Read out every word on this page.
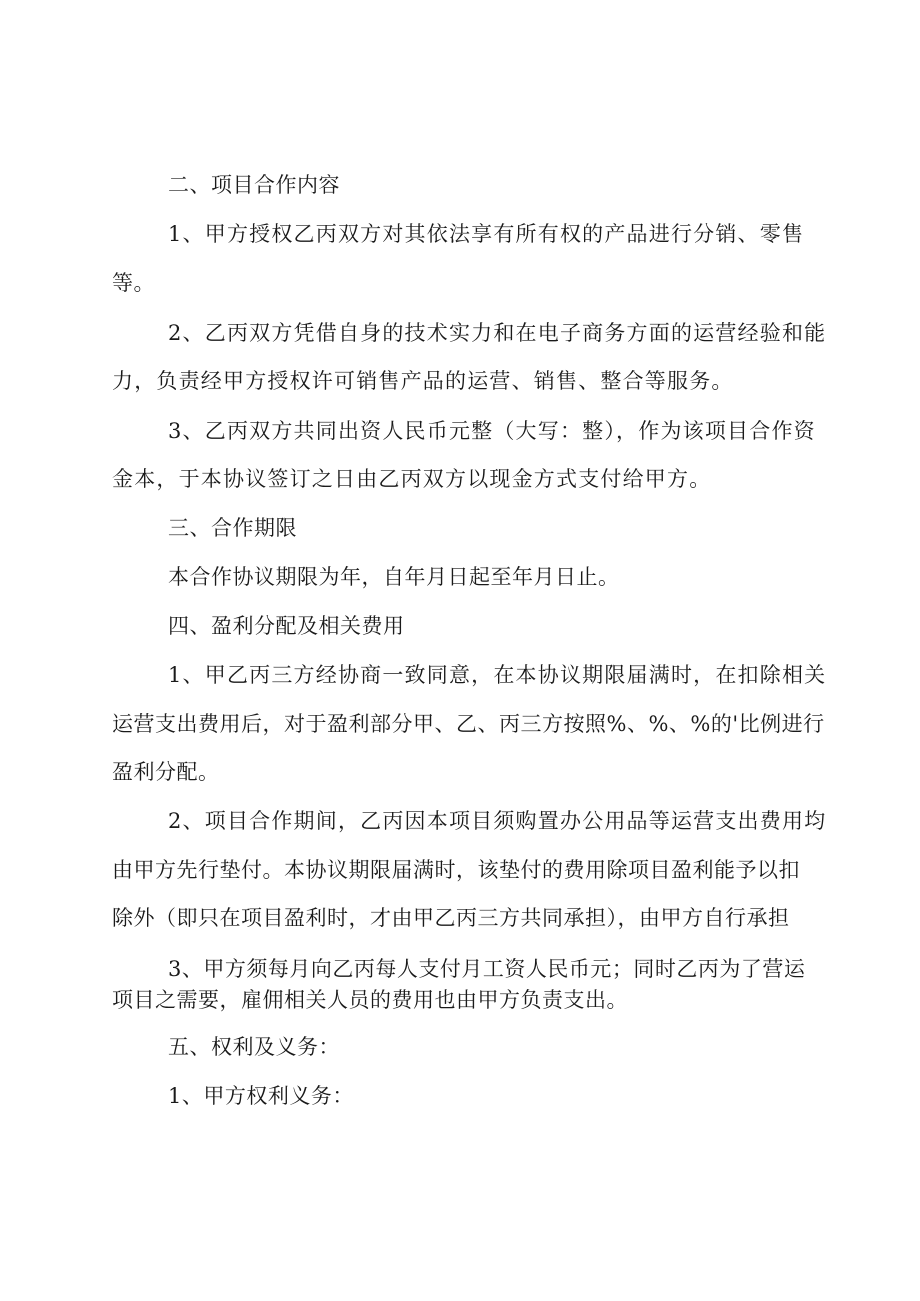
二、项目合作内容
1、甲方授权乙丙双方对其依法享有所有权的产品进行分销、零售
等。
2、乙丙双方凭借自身的技术实力和在电子商务方面的运营经验和能
力，负责经甲方授权许可销售产品的运营、销售、整合等服务。
3、乙丙双方共同出资人民币元整（大写：整），作为该项目合作资
金本，于本协议签订之日由乙丙双方以现金方式支付给甲方。
三、合作期限
本合作协议期限为年，自年月日起至年月日止。
四、盈利分配及相关费用
1、甲乙丙三方经协商一致同意，在本协议期限届满时，在扣除相关
运营支出费用后，对于盈利部分甲、乙、丙三方按照%、%、%的'比例进行
盈利分配。
2、项目合作期间，乙丙因本项目须购置办公用品等运营支出费用均
由甲方先行垫付。本协议期限届满时，该垫付的费用除项目盈利能予以扣
除外（即只在项目盈利时，才由甲乙丙三方共同承担），由甲方自行承担
3、甲方须每月向乙丙每人支付月工资人民币元；同时乙丙为了营运
项目之需要，雇佣相关人员的费用也由甲方负责支出。
五、权利及义务：
1、甲方权利义务：
